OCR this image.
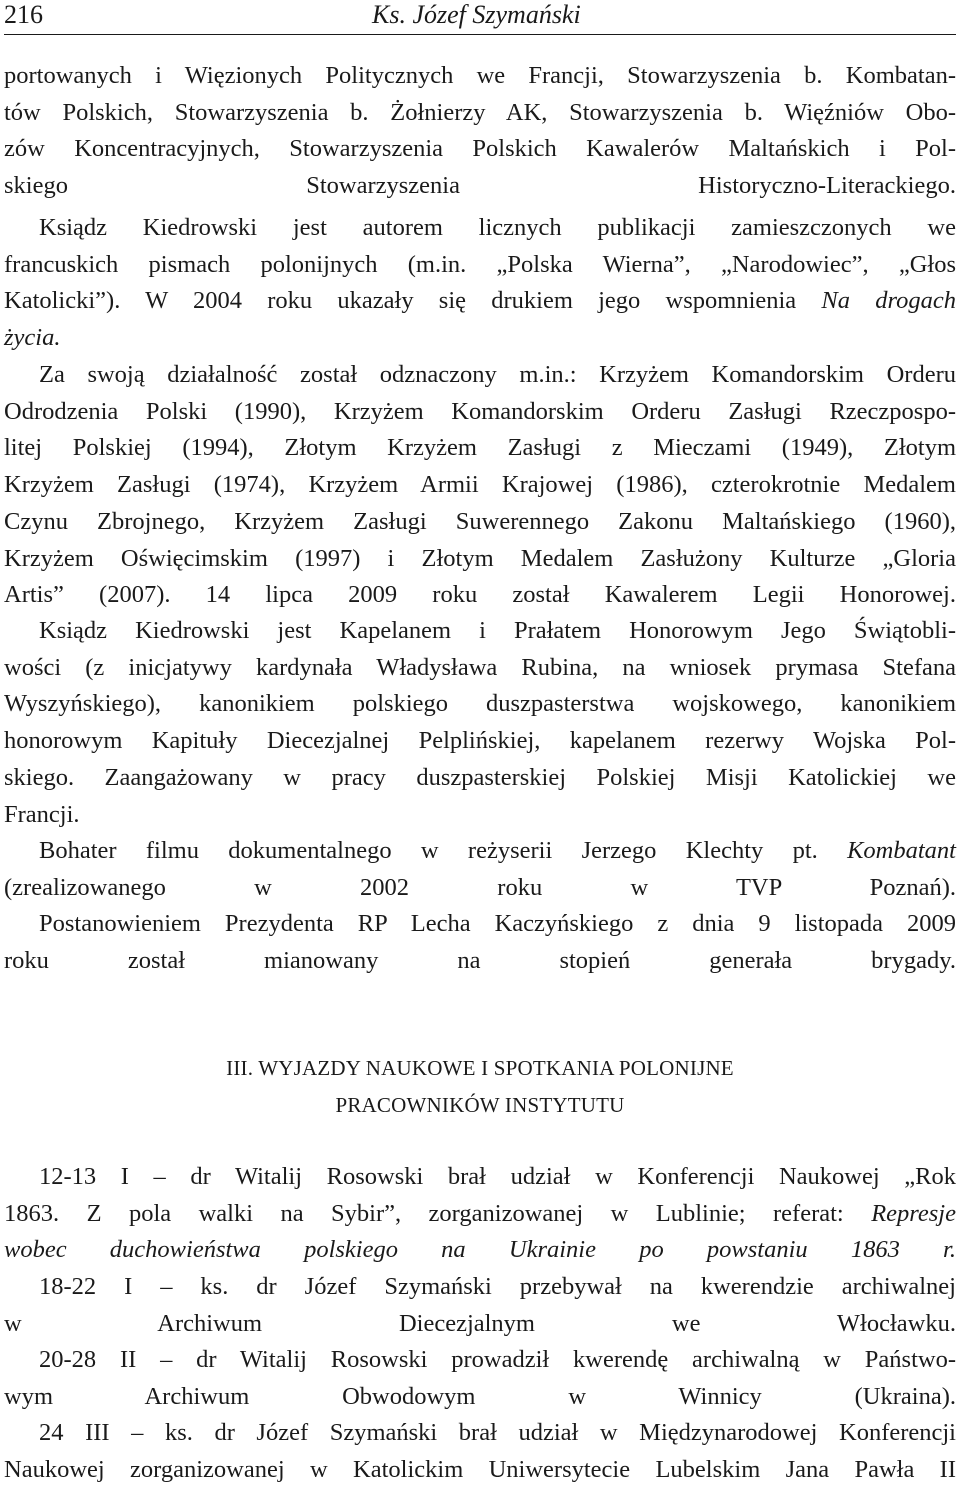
216	Ks. Józef Szymański
portowanych i Więzionych Politycznych we Francji, Stowarzyszenia b. Kombatan-
tów Polskich, Stowarzyszenia b. Żołnierzy AK, Stowarzyszenia b. Więźniów Obo-
zów Koncentracyjnych, Stowarzyszenia Polskich Kawalerów Maltańskich i Pol-
skiego Stowarzyszenia Historyczno-Literackiego.
Ksiądz Kiedrowski jest autorem licznych publikacji zamieszczonych we
francuskich pismach polonijnych (m.in. „Polska Wierna”, „Narodowiec”, „Głos
Katolicki”). W 2004 roku ukazały się drukiem jego wspomnienia Na drogach
życia.
Za swoją działalność został odznaczony m.in.: Krzyżem Komandorskim Orderu
Odrodzenia Polski (1990), Krzyżem Komandorskim Orderu Zasługi Rzeczpospo-
litej Polskiej (1994), Złotym Krzyżem Zasługi z Mieczami (1949), Złotym
Krzyżem Zasługi (1974), Krzyżem Armii Krajowej (1986), czterokrotnie Medalem
Czynu Zbrojnego, Krzyżem Zasługi Suwerennego Zakonu Maltańskiego (1960),
Krzyżem Oświęcimskim (1997) i Złotym Medalem Zasłużony Kulturze „Gloria
Artis” (2007). 14 lipca 2009 roku został Kawalerem Legii Honorowej.
Ksiądz Kiedrowski jest Kapelanem i Prałatem Honorowym Jego Świątobli-
wości (z inicjatywy kardynała Władysława Rubina, na wniosek prymasa Stefana
Wyszyńskiego), kanonikiem polskiego duszpasterstwa wojskowego, kanonikiem
honorowym Kapituły Diecezjalnej Pelplińskiej, kapelanem rezerwy Wojska Pol-
skiego. Zaangażowany w pracy duszpasterskiej Polskiej Misji Katolickiej we
Francji.
Bohater filmu dokumentalnego w reżyserii Jerzego Klechty pt. Kombatant
(zrealizowanego w 2002 roku w TVP Poznań).
Postanowieniem Prezydenta RP Lecha Kaczyńskiego z dnia 9 listopada 2009
roku został mianowany na stopień generała brygady.
III. WYJAZDY NAUKOWE I SPOTKANIA POLONIJNE
PRACOWNIKÓW INSTYTUTU
12-13 I – dr Witalij Rosowski brał udział w Konferencji Naukowej „Rok
1863. Z pola walki na Sybir”, zorganizowanej w Lublinie; referat: Represje
wobec duchowieństwa polskiego na Ukrainie po powstaniu 1863 r.
18-22 I – ks. dr Józef Szymański przebywał na kwerendzie archiwalnej
w Archiwum Diecezjalnym we Włocławku.
20-28 II – dr Witalij Rosowski prowadził kwerendę archiwalną w Państwo-
wym Archiwum Obwodowym w Winnicy (Ukraina).
24 III – ks. dr Józef Szymański brał udział w Międzynarodowej Konferencji
Naukowej zorganizowanej w Katolickim Uniwersytecie Lubelskim Jana Pawła II
